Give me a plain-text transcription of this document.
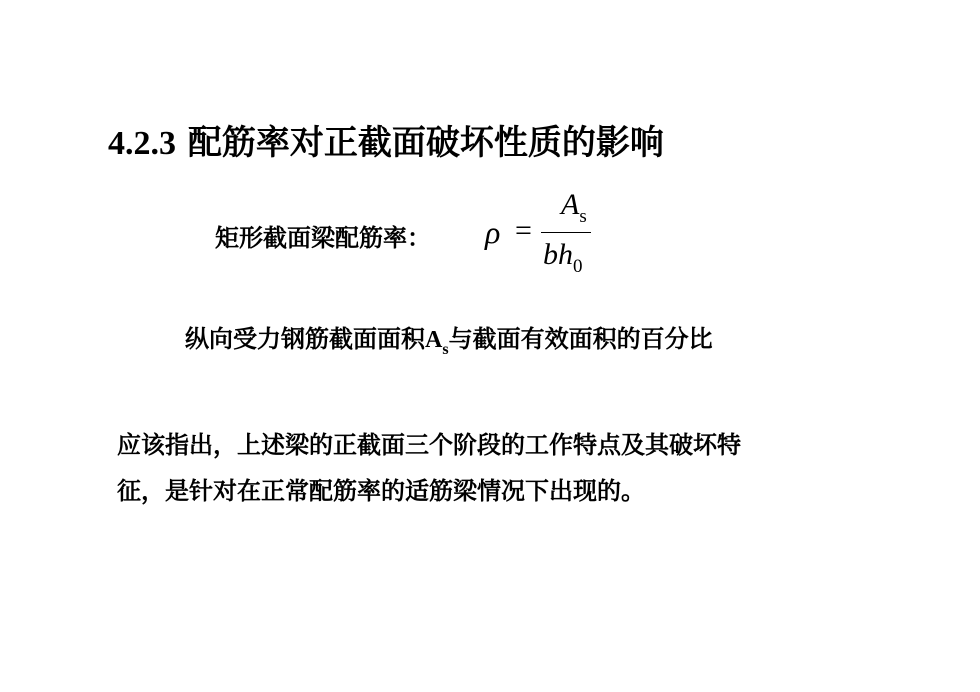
4.2.3 配筋率对正截面破坏性质的影响
矩形截面梁配筋率： ρ =
$A_s$
$bh_0$
纵向受力钢筋截面面积$A_s$与截面有效面积的百分比
应该指出，上述梁的正截面三个阶段的工作特点及其破坏特
征，是针对在正常配筋率的适筋梁情况下出现的。
